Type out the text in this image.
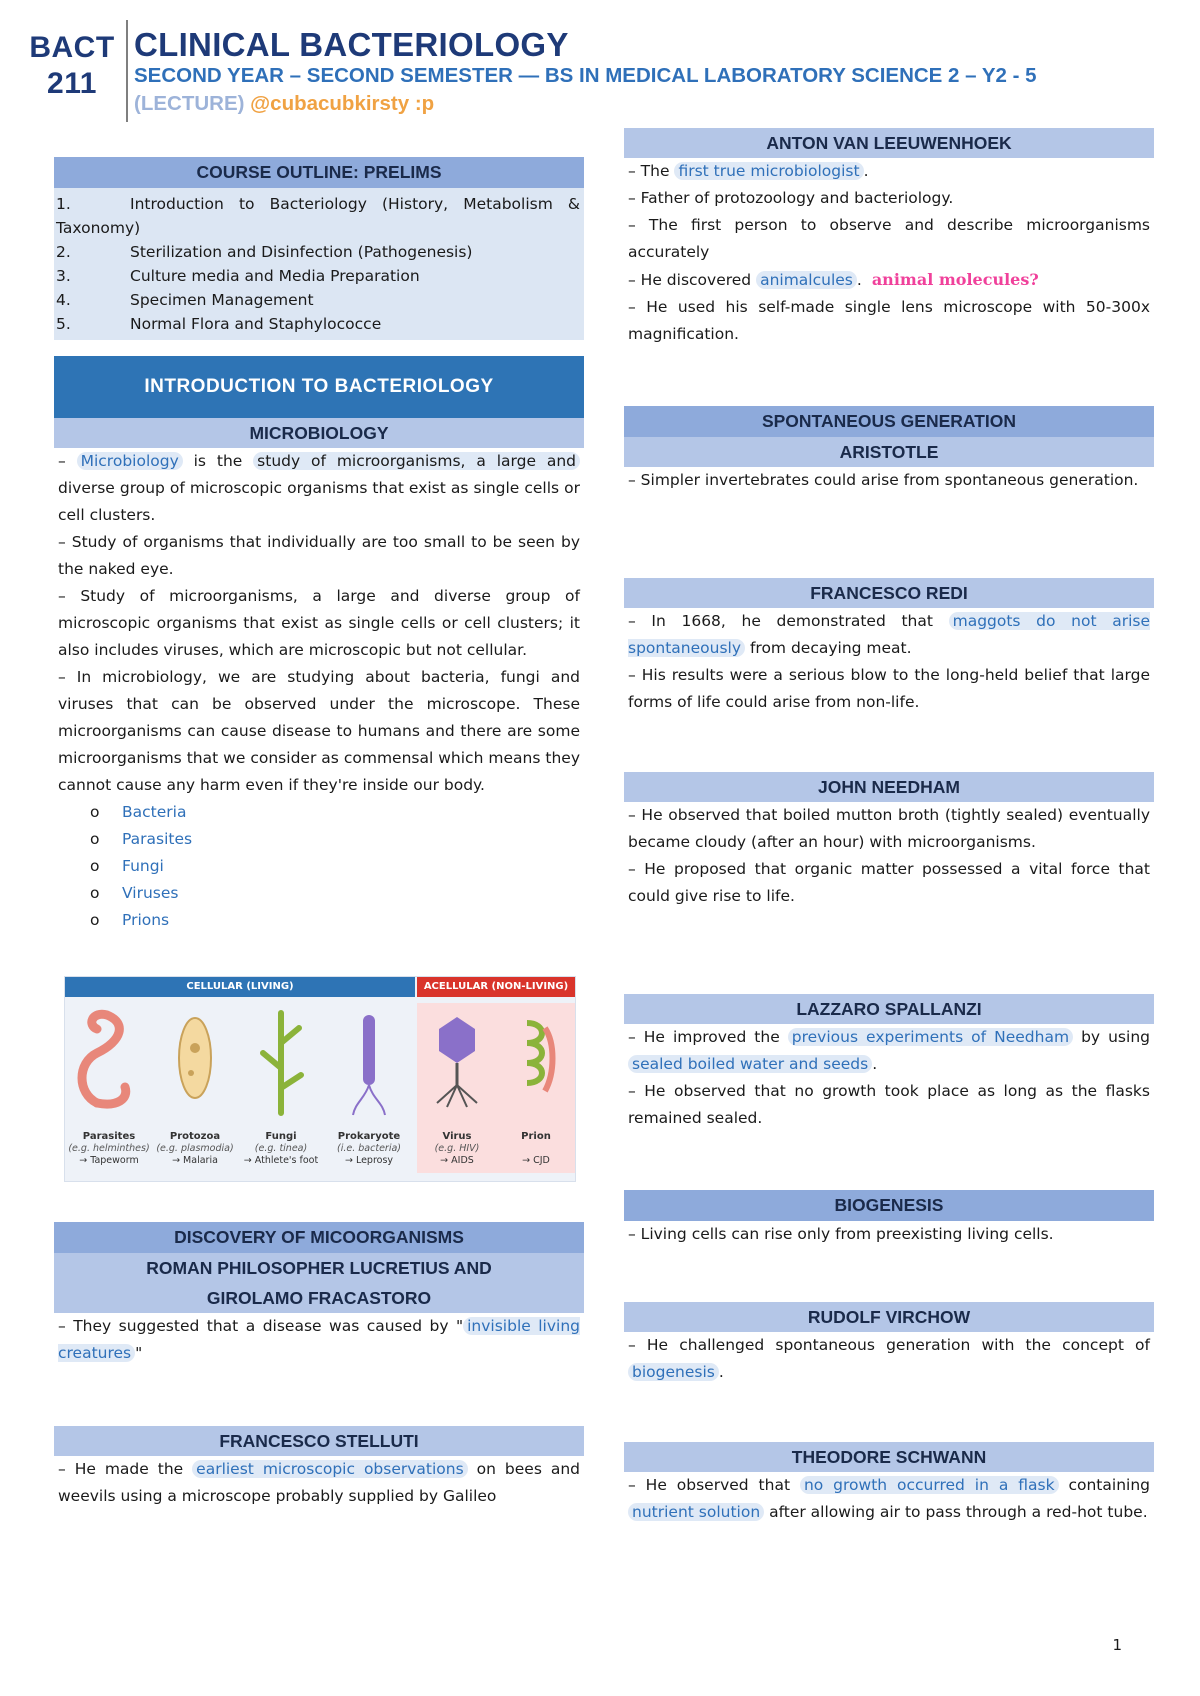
BACT
211
CLINICAL BACTERIOLOGY
SECOND YEAR – SECOND SEMESTER — BS IN MEDICAL LABORATORY SCIENCE 2 – Y2 - 5
(LECTURE) @cubacubkirsty :p
COURSE OUTLINE: PRELIMS
1.	Introduction to Bacteriology (History, Metabolism & Taxonomy)
2.	Sterilization and Disinfection (Pathogenesis)
3.	Culture media and Media Preparation
4.	Specimen Management
5.	Normal Flora and Staphylococce
INTRODUCTION TO BACTERIOLOGY
MICROBIOLOGY
– Microbiology is the study of microorganisms, a large and diverse group of microscopic organisms that exist as single cells or cell clusters.
– Study of organisms that individually are too small to be seen by the naked eye.
– Study of microorganisms, a large and diverse group of microscopic organisms that exist as single cells or cell clusters; it also includes viruses, which are microscopic but not cellular.
– In microbiology, we are studying about bacteria, fungi and viruses that can be observed under the microscope. These microorganisms can cause disease to humans and there are some microorganisms that we consider as commensal which means they cannot cause any harm even if they're inside our body.
o	Bacteria
o	Parasites
o	Fungi
o	Viruses
o	Prions
CELLULAR (LIVING)	ACELLULAR (NON-LIVING)
Parasites
(e.g. helminthes)
→ Tapeworm
Protozoa
(e.g. plasmodia)
→ Malaria
Fungi
(e.g. tinea)
→ Athlete's foot
Prokaryote
(i.e. bacteria)
→ Leprosy
Virus
(e.g. HIV)
→ AIDS
Prion

→ CJD
DISCOVERY OF MICOORGANISMS
ROMAN PHILOSOPHER LUCRETIUS AND
GIROLAMO FRACASTORO
– They suggested that a disease was caused by " invisible living creatures "
FRANCESCO STELLUTI
– He made the earliest microscopic observations on bees and weevils using a microscope probably supplied by Galileo
ANTON VAN LEEUWENHOEK
– The first true microbiologist .
– Father of protozoology and bacteriology.
– The first person to observe and describe microorganisms accurately
– He discovered animalcules . animal molecules?
– He used his self-made single lens microscope with 50-300x magnification.
SPONTANEOUS GENERATION
ARISTOTLE
– Simpler invertebrates could arise from spontaneous generation.
FRANCESCO REDI
– In 1668, he demonstrated that maggots do not arise spontaneously from decaying meat.
– His results were a serious blow to the long-held belief that large forms of life could arise from non-life.
JOHN NEEDHAM
– He observed that boiled mutton broth (tightly sealed) eventually became cloudy (after an hour) with microorganisms.
– He proposed that organic matter possessed a vital force that could give rise to life.
LAZZARO SPALLANZI
– He improved the previous experiments of Needham by using sealed boiled water and seeds .
– He observed that no growth took place as long as the flasks remained sealed.
BIOGENESIS
– Living cells can rise only from preexisting living cells.
RUDOLF VIRCHOW
– He challenged spontaneous generation with the concept of biogenesis .
THEODORE SCHWANN
– He observed that no growth occurred in a flask containing nutrient solution after allowing air to pass through a red-hot tube.
1
